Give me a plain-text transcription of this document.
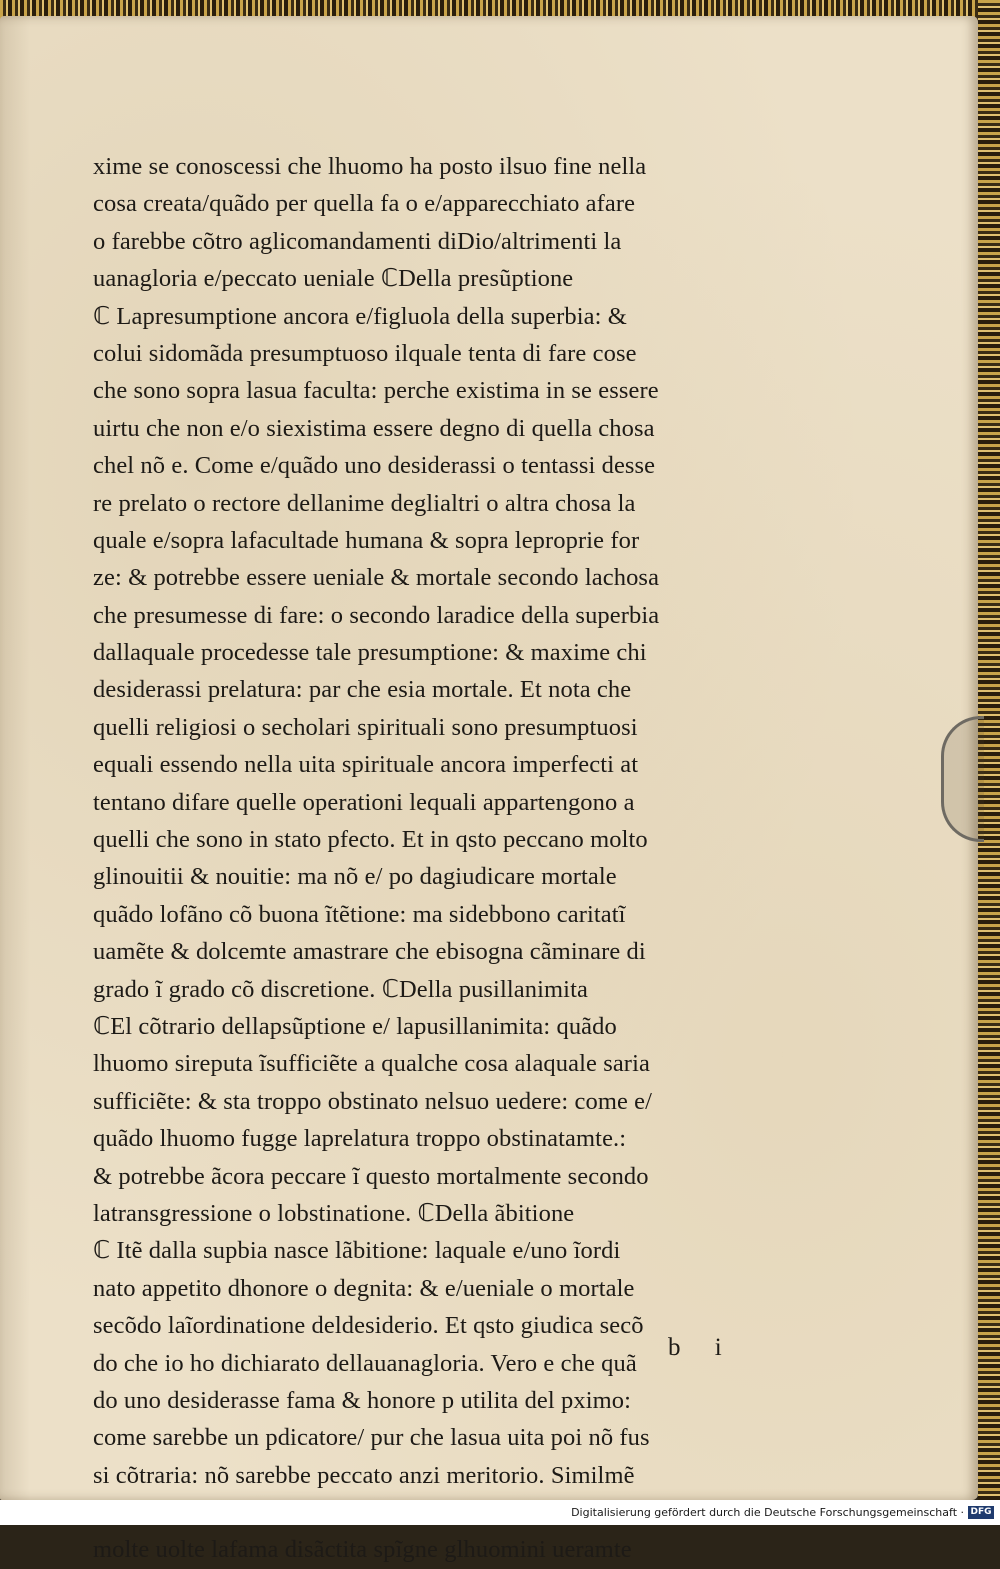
xime se conoscessi che lhuomo ha posto ilsuo fine nella
cosa creata/quãdo per quella fa o e/apparecchiato afare
o farebbe cõtro aglicomandamenti diDio/altrimenti la
uanagloria e/peccato ueniale ℂDella presũptione
ℂ Lapresumptione ancora e/figluola della superbia: &
colui sidomãda presumptuoso ilquale tenta di fare cose
che sono sopra lasua faculta: perche existima in se essere
uirtu che non e/o siexistima essere degno di quella chosa
chel nõ e. Come e/quãdo uno desiderassi o tentassi desse
re prelato o rectore dellanime deglialtri o altra chosa la
quale e/sopra lafacultade humana & sopra leproprie for
ze: & potrebbe essere ueniale & mortale secondo lachosa
che presumesse di fare: o secondo laradice della superbia
dallaquale procedesse tale presumptione: & maxime chi
desiderassi prelatura: par che esia mortale. Et nota che
quelli religiosi o secholari spirituali sono presumptuosi
equali essendo nella uita spirituale ancora imperfecti at
tentano difare quelle operationi lequali appartengono a
quelli che sono in stato pfecto. Et in qsto peccano molto
glinouitii & nouitie: ma nõ e/ po dagiudicare mortale
quãdo lofãno cõ buona ĩtẽtione: ma sidebbono caritatĩ
uamẽte & dolcemte amastrare che ebisogna cãminare di
grado ĩ grado cõ discretione. ℂDella pusillanimita
ℂEl cõtrario dellapsũptione e/ lapusillanimita: quãdo
lhuomo sireputa ĩsufficiẽte a qualche cosa alaquale saria
sufficiẽte: & sta troppo obstinato nelsuo uedere: come e/
quãdo lhuomo fugge laprelatura troppo obstinatamte.:
& potrebbe ãcora peccare ĩ questo mortalmente secondo
latransgressione o lobstinatione. ℂDella ãbitione
ℂ Itẽ dalla supbia nasce lãbitione: laquale e/uno ĩordi
nato appetito dhonore o degnita: & e/ueniale o mortale
secõdo laĩordinatione deldesiderio. Et qsto giudica secõ
do che io ho dichiarato dellauanagloria. Vero e che quã
do uno desiderasse fama & honore p utilita del pximo:
come sarebbe un pdicatore/ pur che lasua uita poi nõ fus
si cõtraria: nõ sarebbe peccato anzi meritorio. Similmẽ
molte uolte lafama disãctita spĩgne glhuomini ueramte
b i
Digitalisierung gefördert durch die Deutsche Forschungsgemeinschaft · DFG
